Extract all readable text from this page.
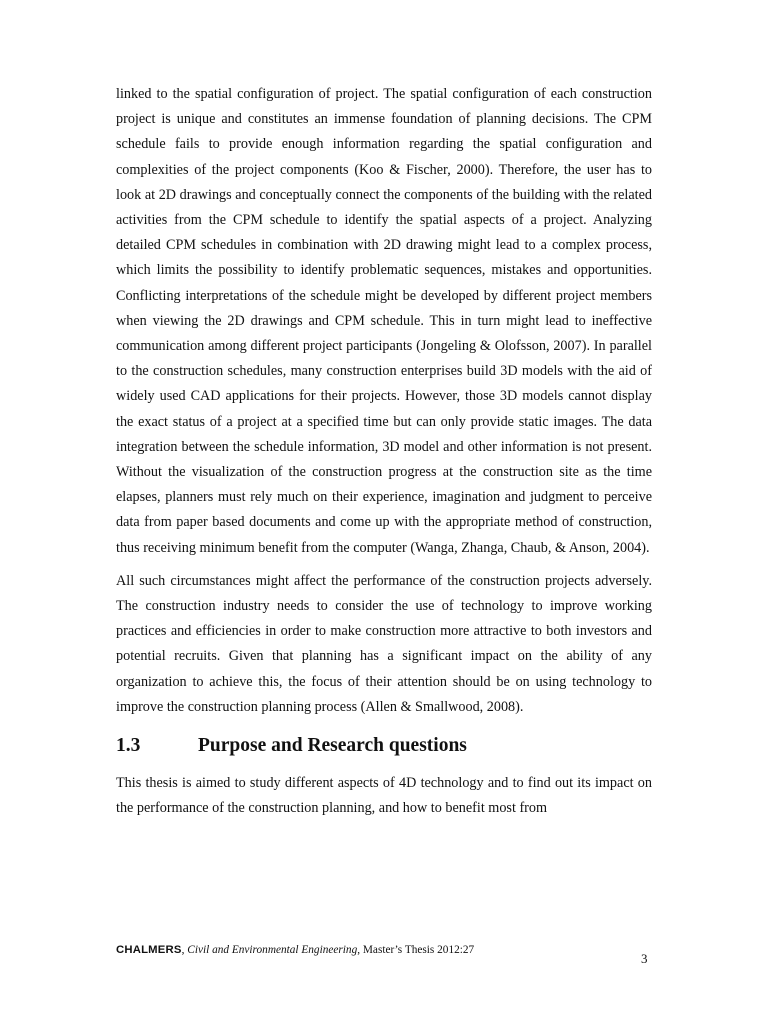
linked to the spatial configuration of project. The spatial configuration of each construction project is unique and constitutes an immense foundation of planning decisions. The CPM schedule fails to provide enough information regarding the spatial configuration and complexities of the project components (Koo & Fischer, 2000). Therefore, the user has to look at 2D drawings and conceptually connect the components of the building with the related activities from the CPM schedule to identify the spatial aspects of a project. Analyzing detailed CPM schedules in combination with 2D drawing might lead to a complex process, which limits the possibility to identify problematic sequences, mistakes and opportunities. Conflicting interpretations of the schedule might be developed by different project members when viewing the 2D drawings and CPM schedule. This in turn might lead to ineffective communication among different project participants (Jongeling & Olofsson, 2007). In parallel to the construction schedules, many construction enterprises build 3D models with the aid of widely used CAD applications for their projects. However, those 3D models cannot display the exact status of a project at a specified time but can only provide static images. The data integration between the schedule information, 3D model and other information is not present. Without the visualization of the construction progress at the construction site as the time elapses, planners must rely much on their experience, imagination and judgment to perceive data from paper based documents and come up with the appropriate method of construction, thus receiving minimum benefit from the computer (Wanga, Zhanga, Chaub, & Anson, 2004).

All such circumstances might affect the performance of the construction projects adversely. The construction industry needs to consider the use of technology to improve working practices and efficiencies in order to make construction more attractive to both investors and potential recruits. Given that planning has a significant impact on the ability of any organization to achieve this, the focus of their attention should be on using technology to improve the construction planning process (Allen & Smallwood, 2008).

1.3	Purpose and Research questions

This thesis is aimed to study different aspects of 4D technology and to find out its impact on the performance of the construction planning, and how to benefit most from

CHALMERS, Civil and Environmental Engineering, Master’s Thesis 2012:27
3
